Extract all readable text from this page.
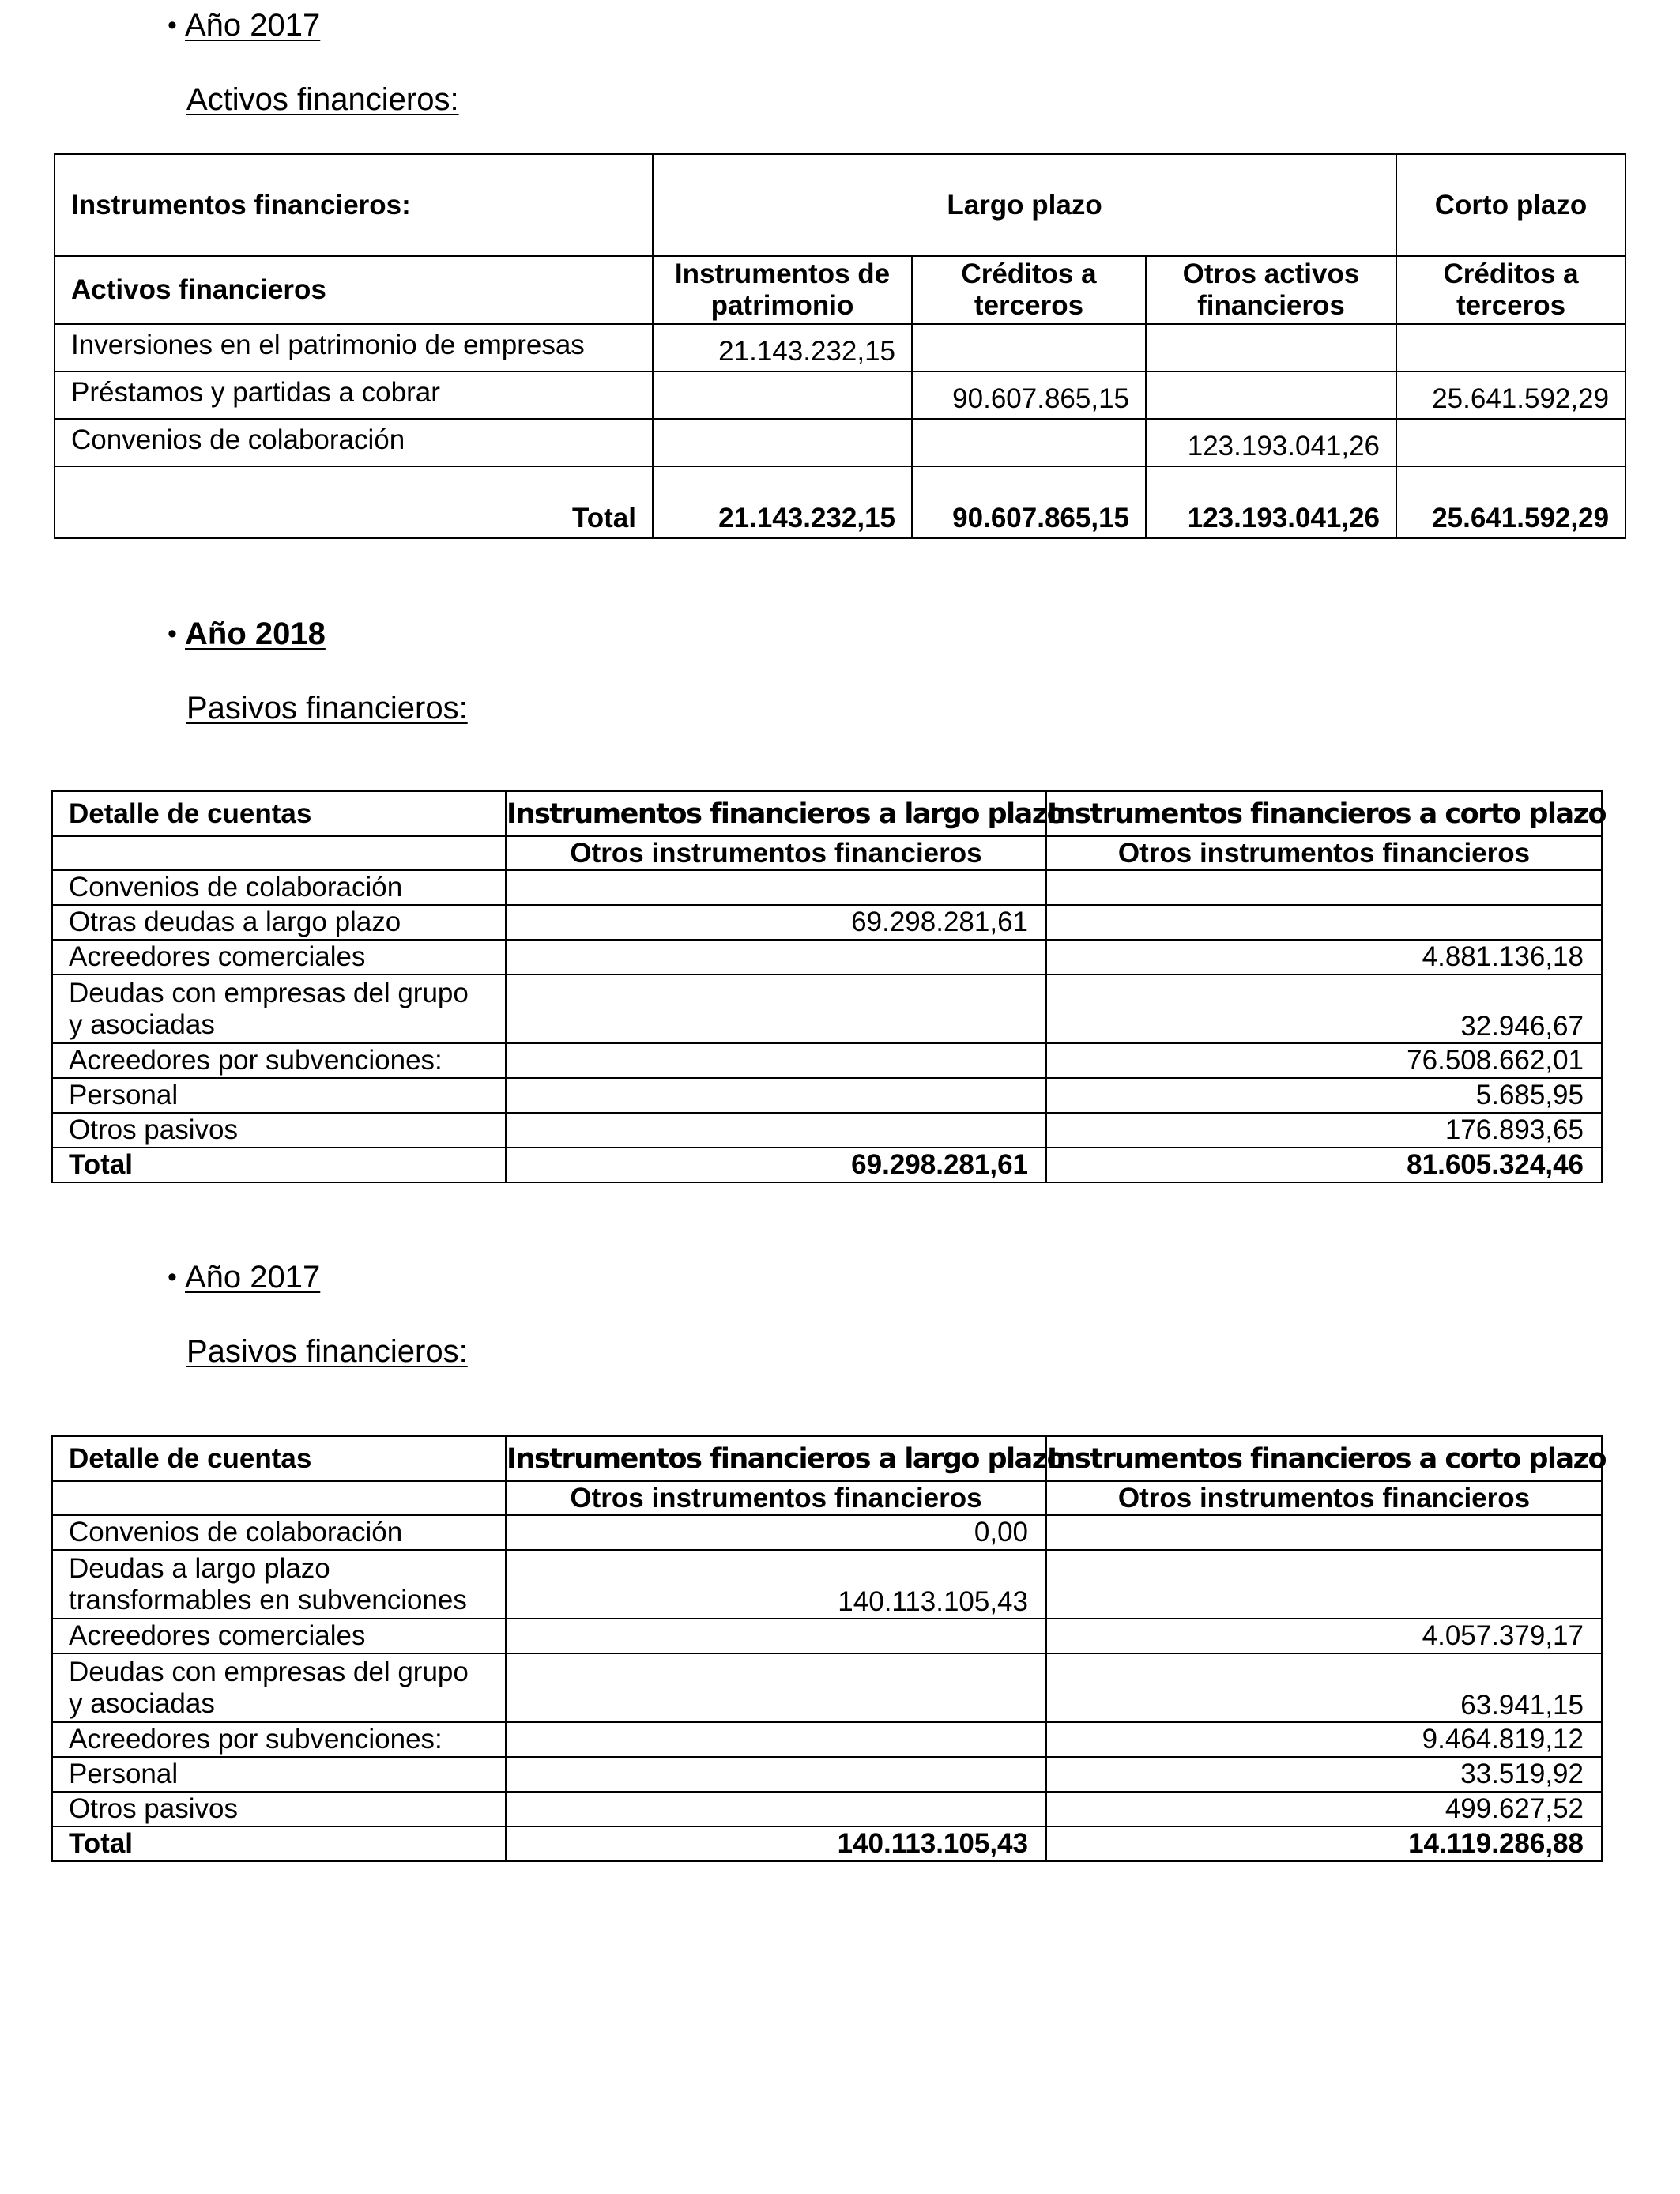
• Año 2017
Activos financieros:
Instrumentos financieros:	Largo plazo			Corto plazo
Activos financieros	Instrumentos de patrimonio	Créditos a terceros	Otros activos financieros	Créditos a terceros
Inversiones en el patrimonio de empresas	21.143.232,15			
Préstamos y partidas a cobrar		90.607.865,15		25.641.592,29
Convenios de colaboración			123.193.041,26	
Total	21.143.232,15	90.607.865,15	123.193.041,26	25.641.592,29
• Año 2018
Pasivos financieros:
Detalle de cuentas	Instrumentos financieros a largo plazo	Instrumentos financieros a corto plazo
	Otros instrumentos financieros	Otros instrumentos financieros
Convenios de colaboración		
Otras deudas a largo plazo	69.298.281,61	
Acreedores comerciales		4.881.136,18

Deudas con empresas del grupo
y asociadas		32.946,67
Acreedores por subvenciones:		76.508.662,01
Personal		5.685,95
Otros pasivos		176.893,65
Total	69.298.281,61	81.605.324,46
• Año 2017
Pasivos financieros:
Detalle de cuentas	Instrumentos financieros a largo plazo	Instrumentos financieros a corto plazo
	Otros instrumentos financieros	Otros instrumentos financieros
Convenios de colaboración	0,00	

Deudas a largo plazo
transformables en subvenciones	140.113.105,43	
Acreedores comerciales		4.057.379,17

Deudas con empresas del grupo
y asociadas		63.941,15
Acreedores por subvenciones:		9.464.819,12
Personal		33.519,92
Otros pasivos		499.627,52
Total	140.113.105,43	14.119.286,88
